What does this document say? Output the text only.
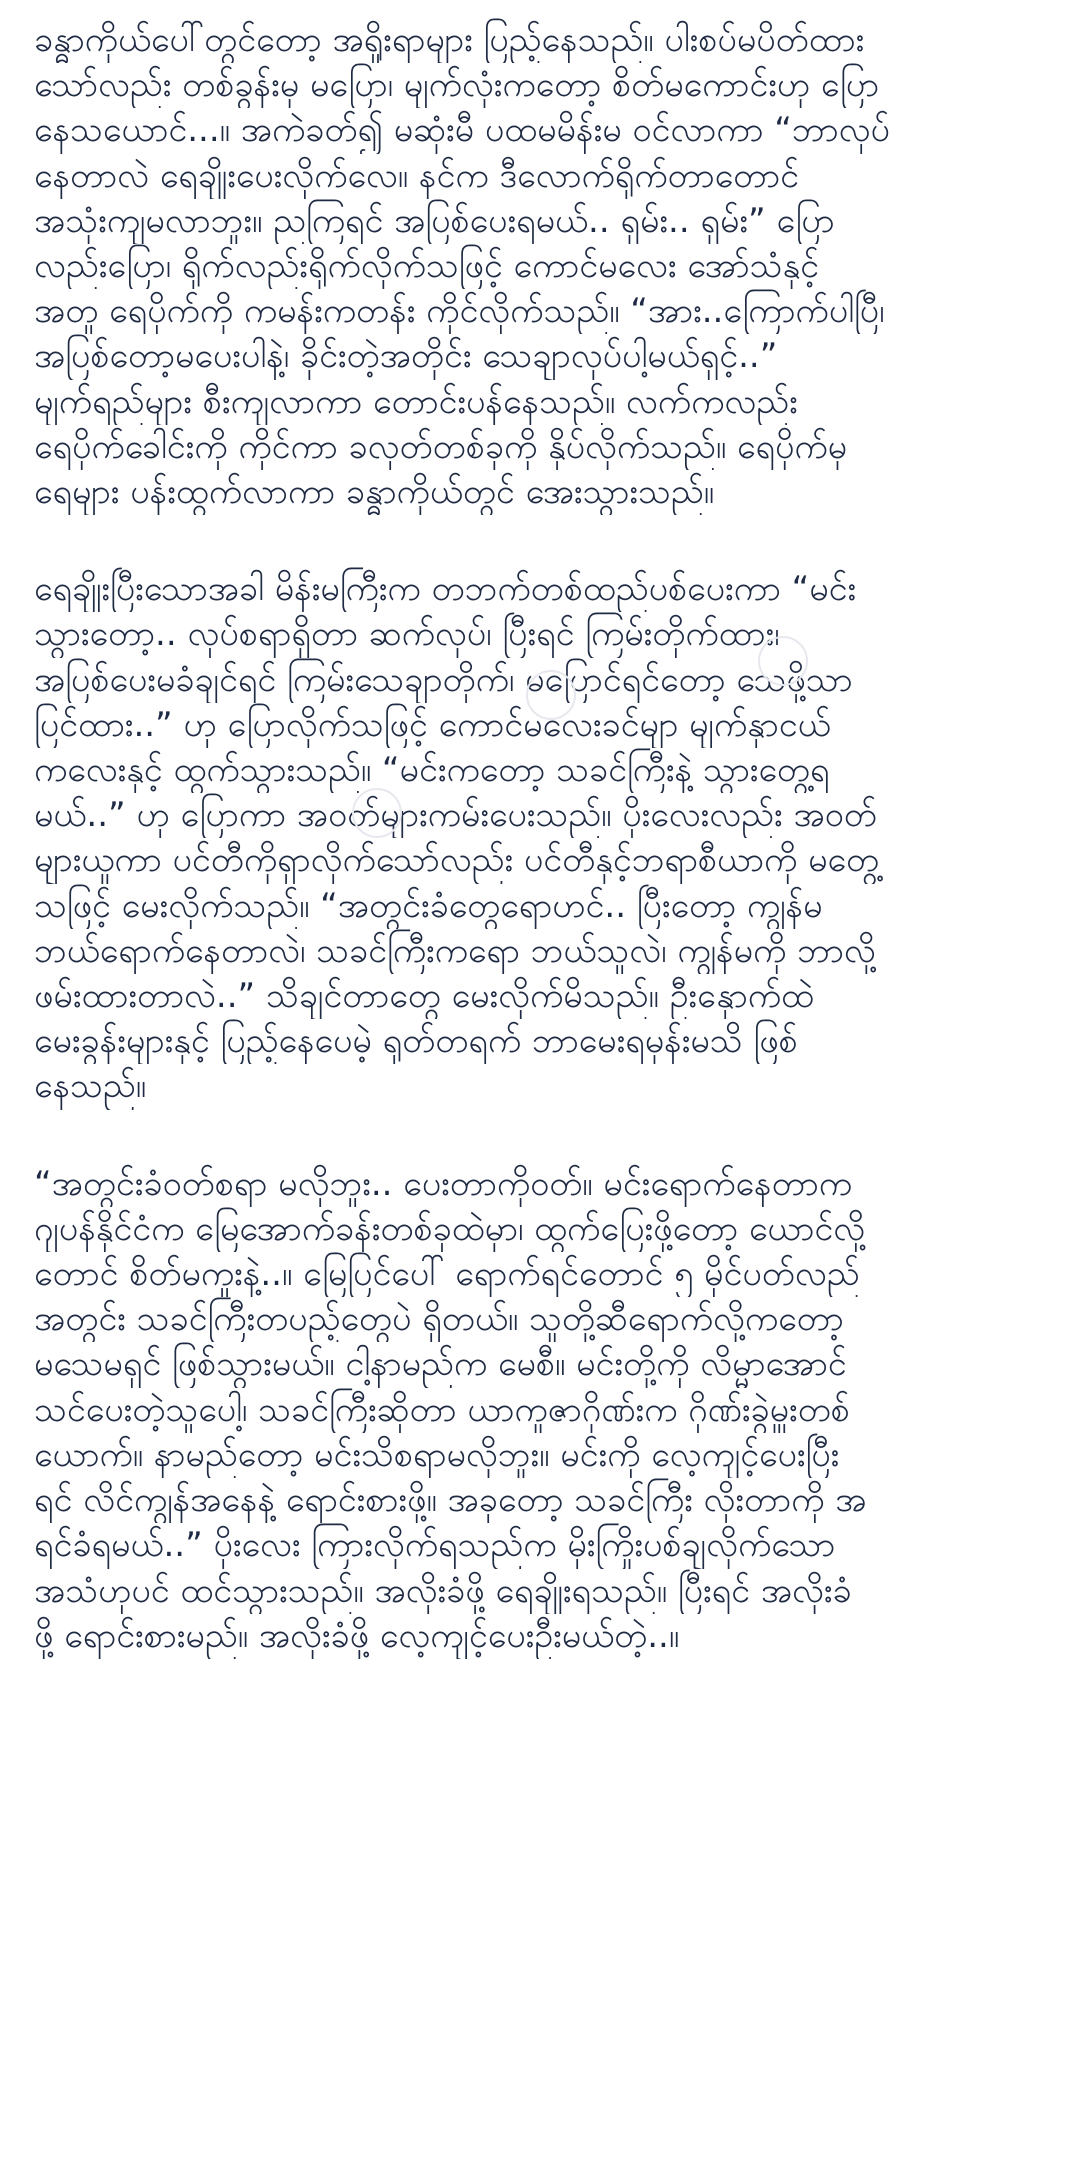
ခန္ဓာကိုယ်ပေါ်တွင်တော့ အရှိုးရာများ ပြည့်နေသည်။ ပါးစပ်မပိတ်ထား
သော်လည်း တစ်ခွန်းမှ မပြော၊ မျက်လုံးကတော့ စိတ်မကောင်းဟု ပြော
နေသယောင်...။ အကဲခတ်၍ မဆုံးမီ ပထမမိန်းမ ဝင်လာကာ “ဘာလုပ်
နေတာလဲ ရေချိုးပေးလိုက်လေ။ နင်က ဒီလောက်ရိုက်တာတောင်
အသုံးကျမလာဘူး။ ညကြရင် အပြစ်ပေးရမယ်.. ရှမ်း.. ရှမ်း” ပြော
လည်းပြော၊ ရိုက်လည်းရိုက်လိုက်သဖြင့် ကောင်မလေး အော်သံနှင့်
အတူ ရေပိုက်ကို ကမန်းကတန်း ကိုင်လိုက်သည်။ “အား..ကြောက်ပါပြီ၊
အပြစ်တော့မပေးပါနဲ့၊ ခိုင်းတဲ့အတိုင်း သေချာလုပ်ပါ့မယ်ရှင့်..”
မျက်ရည်များ စီးကျလာကာ တောင်းပန်နေသည်။ လက်ကလည်း
ရေပိုက်ခေါင်းကို ကိုင်ကာ ခလုတ်တစ်ခုကို နှိပ်လိုက်သည်။ ရေပိုက်မှ
ရေများ ပန်းထွက်လာကာ ခန္ဓာကိုယ်တွင် အေးသွားသည်။
ရေချိုးပြီးသောအခါ မိန်းမကြီးက တဘက်တစ်ထည်ပစ်ပေးကာ “မင်း
သွားတော့.. လုပ်စရာရှိတာ ဆက်လုပ်၊ ပြီးရင် ကြမ်းတိုက်ထား၊
အပြစ်ပေးမခံချင်ရင် ကြမ်းသေချာတိုက်၊ မပြောင်ရင်တော့ သေဖို့သာ
ပြင်ထား..” ဟု ပြောလိုက်သဖြင့် ကောင်မလေးခင်မျာ မျက်နှာငယ်
ကလေးနှင့် ထွက်သွားသည်။ “မင်းကတော့ သခင်ကြီးနဲ့ သွားတွေ့ရ
မယ်..” ဟု ပြောကာ အဝတ်များကမ်းပေးသည်။ ပိုးလေးလည်း အဝတ်
များယူကာ ပင်တီကိုရှာလိုက်သော်လည်း ပင်တီနှင့်ဘရာစီယာကို မတွေ့
သဖြင့် မေးလိုက်သည်။ “အတွင်းခံတွေရောဟင်.. ပြီးတော့ ကျွန်မ
ဘယ်ရောက်နေတာလဲ၊ သခင်ကြီးကရော ဘယ်သူလဲ၊ ကျွန်မကို ဘာလို့
ဖမ်းထားတာလဲ..” သိချင်တာတွေ မေးလိုက်မိသည်။ ဦးနှောက်ထဲ
မေးခွန်းများနှင့် ပြည့်နေပေမဲ့ ရုတ်တရက် ဘာမေးရမှန်းမသိ ဖြစ်
နေသည်။
“အတွင်းခံဝတ်စရာ မလိုဘူး.. ပေးတာကိုဝတ်။ မင်းရောက်နေတာက
ဂျပန်နိုင်ငံက မြေအောက်ခန်းတစ်ခုထဲမှာ၊ ထွက်ပြေးဖို့တော့ ယောင်လို့
တောင် စိတ်မကူးနဲ့..။ မြေပြင်ပေါ် ရောက်ရင်တောင် ၅ မိုင်ပတ်လည်
အတွင်း သခင်ကြီးတပည့်တွေပဲ ရှိတယ်။ သူတို့ဆီရောက်လို့ကတော့
မသေမရှင် ဖြစ်သွားမယ်။ ငါ့နာမည်က မေစီ။ မင်းတို့ကို လိမ္မာအောင်
သင်ပေးတဲ့သူပေါ့၊ သခင်ကြီးဆိုတာ ယာကူဇာဂိုဏ်းက ဂိုဏ်းခွဲမှူးတစ်
ယောက်။ နာမည်တော့ မင်းသိစရာမလိုဘူး။ မင်းကို လေ့ကျင့်ပေးပြီး
ရင် လိင်ကျွန်အနေနဲ့ ရောင်းစားဖို့။ အခုတော့ သခင်ကြီး လိုးတာကို အ
ရင်ခံရမယ်..” ပိုးလေး ကြားလိုက်ရသည်က မိုးကြိုးပစ်ချလိုက်သော
အသံဟုပင် ထင်သွားသည်။ အလိုးခံဖို့ ရေချိုးရသည်။ ပြီးရင် အလိုးခံ
ဖို့ ရောင်းစားမည်။ အလိုးခံဖို့ လေ့ကျင့်ပေးဦးမယ်တဲ့..။
